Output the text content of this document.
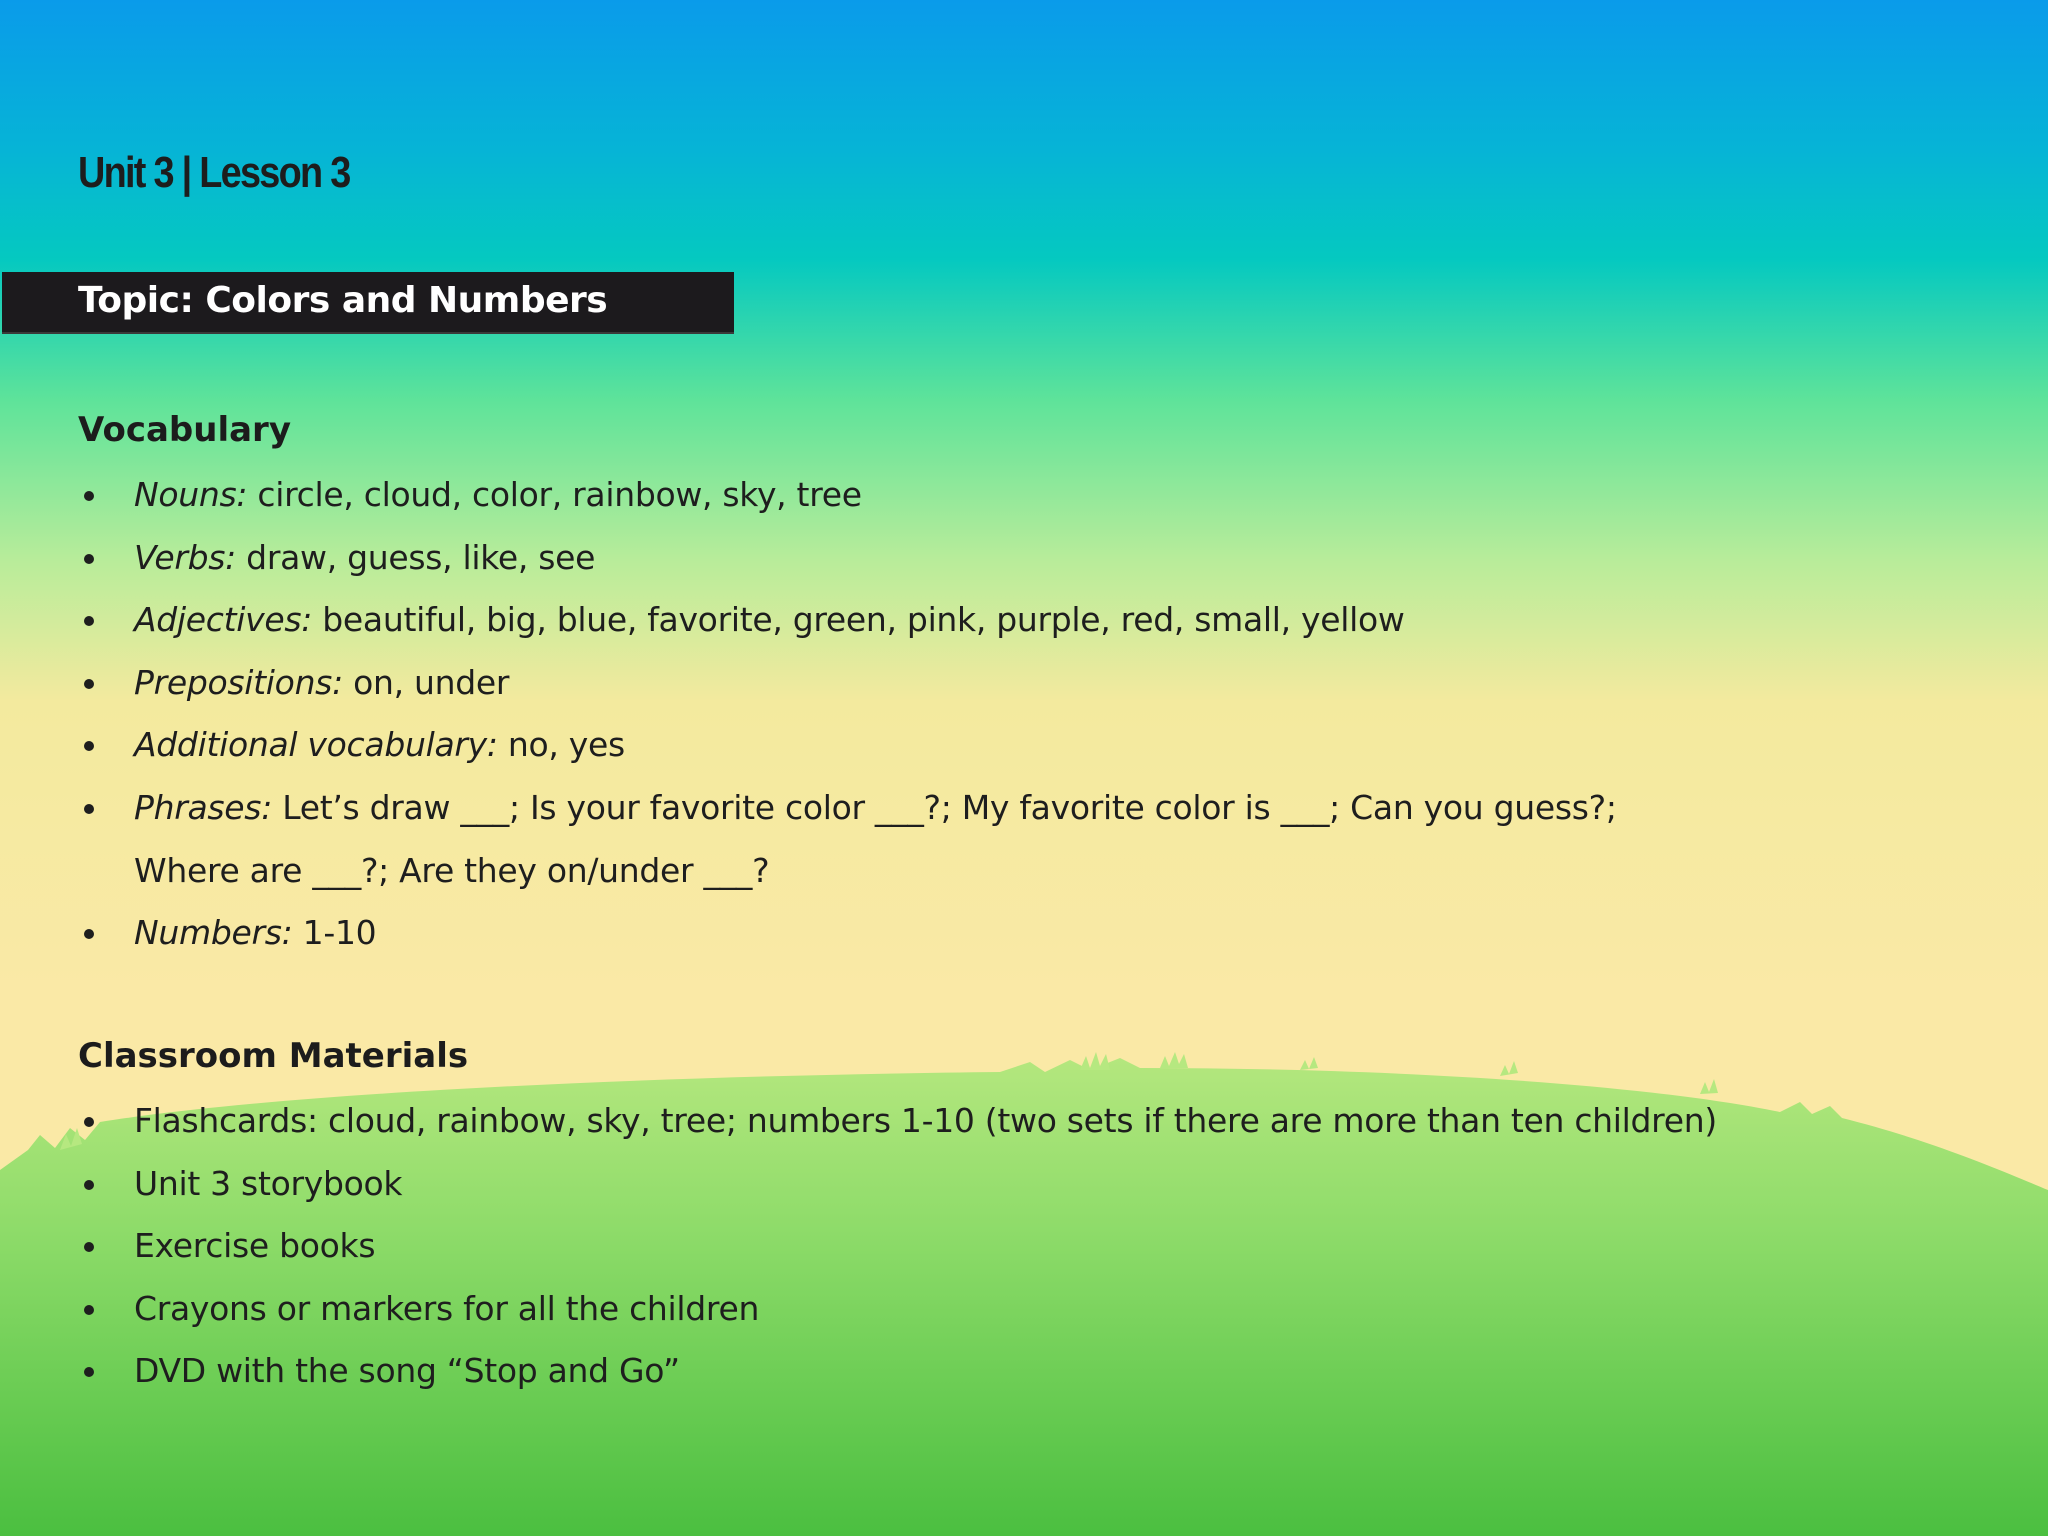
Unit 3 | Lesson 3
Topic: Colors and Numbers
Vocabulary
Nouns: circle, cloud, color, rainbow, sky, tree
Verbs: draw, guess, like, see
Adjectives: beautiful, big, blue, favorite, green, pink, purple, red, small, yellow
Prepositions: on, under
Additional vocabulary: no, yes
Phrases: Let’s draw ___; Is your favorite color ___?; My favorite color is ___; Can you guess?;
Where are ___?; Are they on/under ___?
Numbers: 1-10
Classroom Materials
Flashcards: cloud, rainbow, sky, tree; numbers 1-10 (two sets if there are more than ten children)
Unit 3 storybook
Exercise books
Crayons or markers for all the children
DVD with the song “Stop and Go”
